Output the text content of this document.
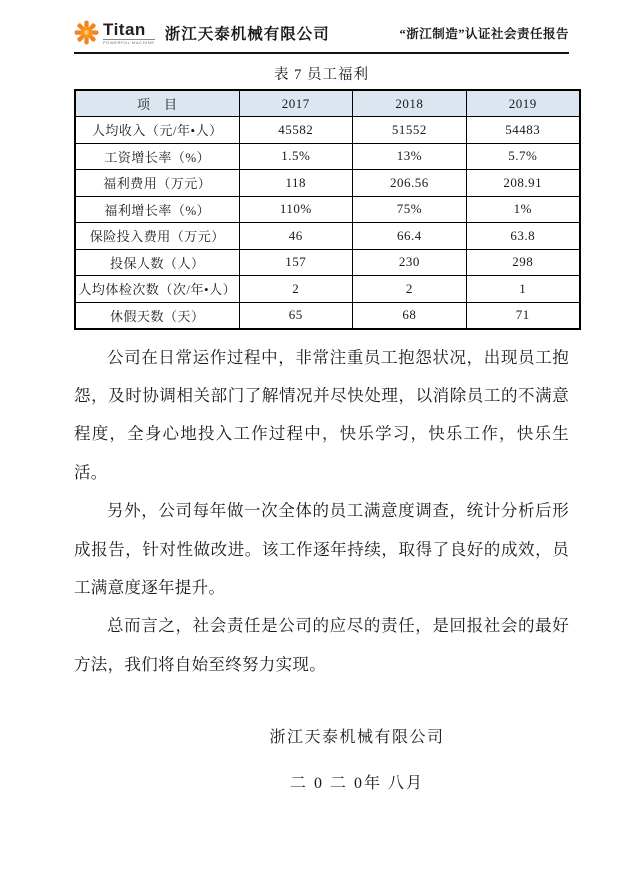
Titan
POWERFUL MACHINE 浙江天泰机械有限公司	“浙江制造”认证社会责任报告
表 7 员工福利
项　目	2017	2018	2019
人均收入（元/年•人）	45582	51552	54483
工资增长率（%）	1.5%	13%	5.7%
福利费用（万元）	118	206.56	208.91
福利增长率（%）	110%	75%	1%
保险投入费用（万元）	46	66.4	63.8
投保人数（人）	157	230	298
人均体检次数（次/年•人）	2	2	1
休假天数（天）	65	68	71

公司在日常运作过程中，非常注重员工抱怨状况，出现员工抱怨，及时协调相关部门了解情况并尽快处理，以消除员工的不满意程度，全身心地投入工作过程中，快乐学习，快乐工作，快乐生活。

另外，公司每年做一次全体的员工满意度调查，统计分析后形成报告，针对性做改进。该工作逐年持续，取得了良好的成效，员工满意度逐年提升。

总而言之，社会责任是公司的应尽的责任，是回报社会的最好方法，我们将自始至终努力实现。

浙江天泰机械有限公司
二 0 二 0年 八月
